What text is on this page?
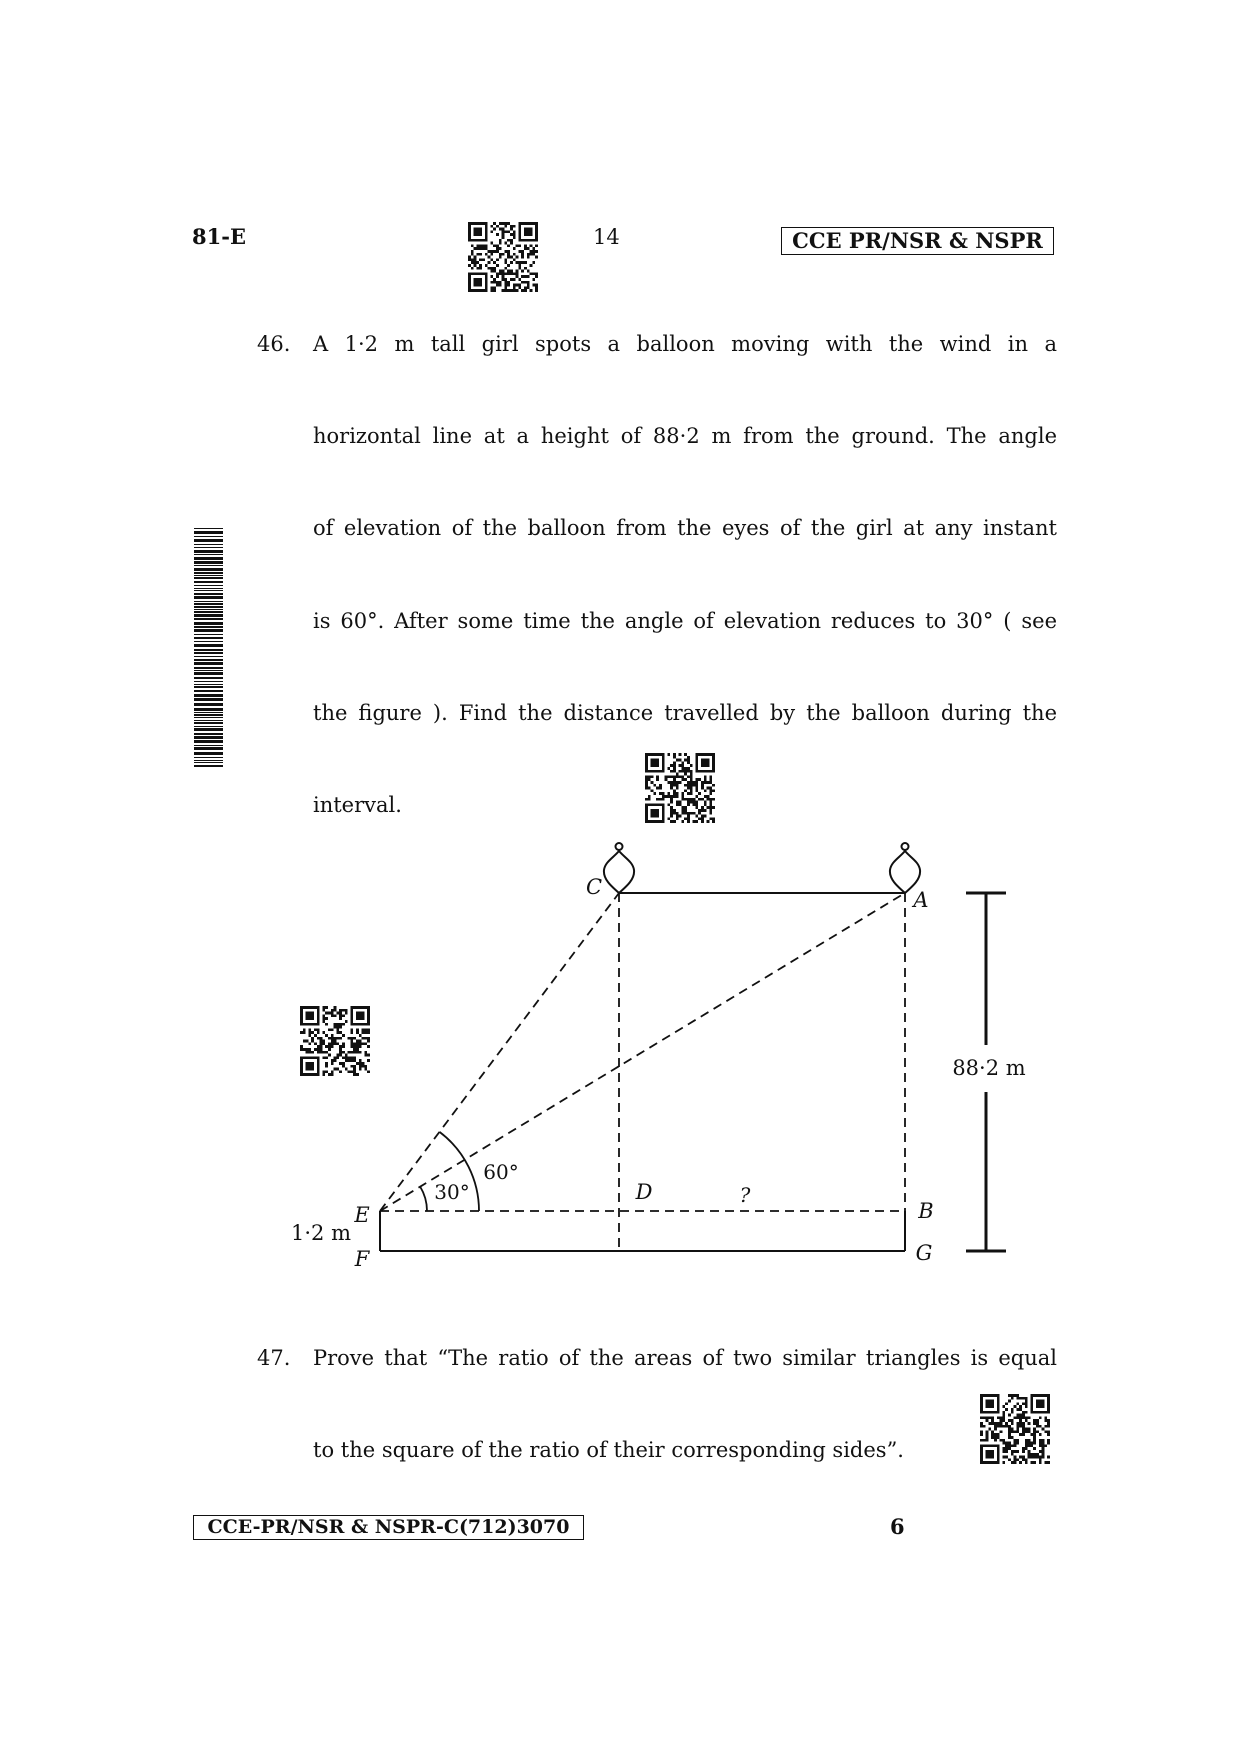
81-E	14	CCE PR/NSR & NSPR
46. A 1·2 m tall girl spots a balloon moving with the wind in a
horizontal line at a height of 88·2 m from the ground. The angle
of elevation of the balloon from the eyes of the girl at any instant
is 60°. After some time the angle of elevation reduces to 30° ( see
the figure ). Find the distance travelled by the balloon during the
interval.
88·2 m
C
A
E
F
D
B
G
?
1·2 m
30°
60°
47. Prove that “The ratio of the areas of two similar triangles is equal
to the square of the ratio of their corresponding sides”.
CCE-PR/NSR & NSPR-C(712)3070	6
